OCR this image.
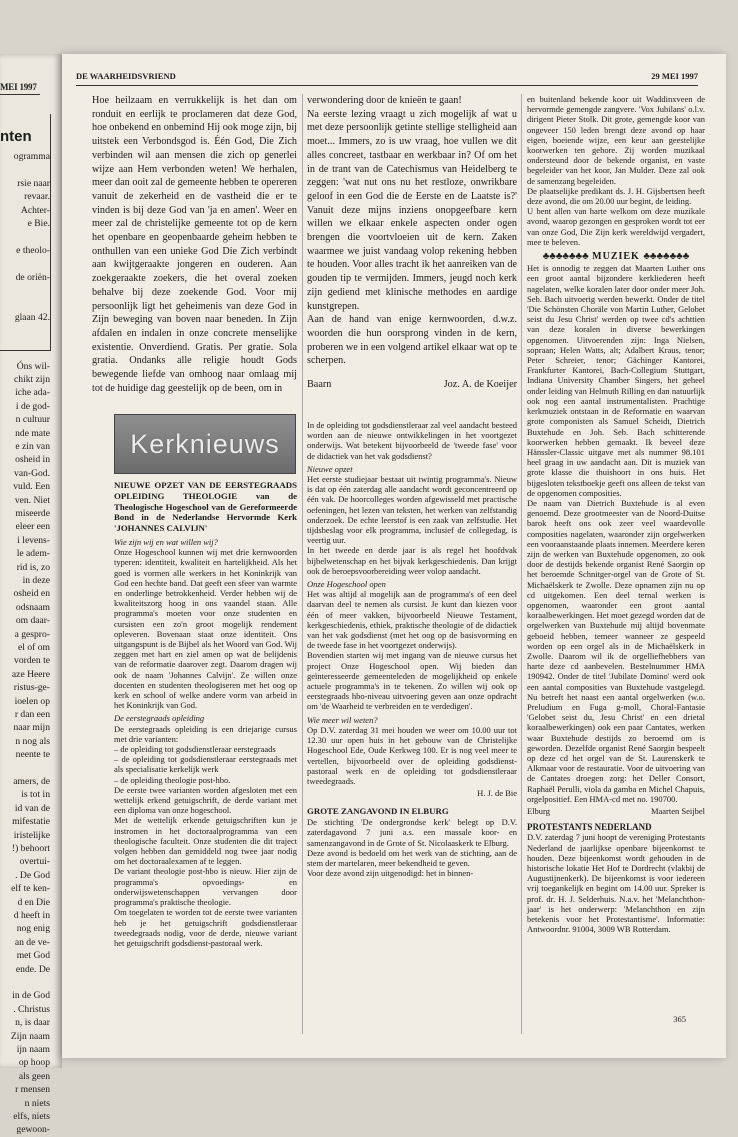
MEI 1997
nten
ogramma
rsie naar
revaar.
Achter-
e Bie.
e theolo-
de oriën-
glaan 42.
Óns wil-
chikt zijn
iche ada-
i de god-
n cultuur
nde mate
e zin van
osheid in
van-God.
vuld. Een
ven. Niet
miseerde
eleer een
i levens-
le adem-
rid is, zo
in deze
osheid en
odsnaam
om daar-
a gespro-
el of om
vorden te
aze Heere
ristus-ge-
ioelen op
r dan een
naar mijn
n nog als
neente te
amers, de
is tot in
id van de
mifestatie
iristelijke
!) behoort
overtui-
. De God
elf te ken-
d en Die
d heeft in
nog enig
an de ve-
met God
ende. De
in de God
. Christus
n, is daar
Zijn naam
ijn naam
op hoop
als geen
r mensen
n niets
elfs, niets
gewoon-
DE WAARHEIDSVRIEND	29 MEI 1997

Hoe heilzaam en verrukkelijk is het dan om ronduit en eerlijk te proclameren dat deze God, hoe onbekend en onbemind Hij ook moge zijn, bij uitstek een Verbondsgod is. Één God, Die Zich verbinden wil aan mensen die zich op generlei wijze aan Hem verbonden weten! We herhalen, meer dan ooit zal de gemeente hebben te opereren vanuit de zekerheid en de vastheid die er te vinden is bij deze God van 'ja en amen'. Weer en meer zal de christelijke gemeente tot op de kern het openbare en geopenbaarde geheim hebben te onthullen van een unieke God Die Zich verbindt aan kwijtgeraakte jongeren en ouderen. Aan zoekgeraakte zoekers, die het overal zoeken behalve bij deze zoekende God. Voor mij persoonlijk ligt het geheimenis van deze God in Zijn beweging van boven naar beneden. In Zijn afdalen en indalen in onze concrete menselijke existentie. Onverdiend. Gratis. Per gratie. Sola gratia. Ondanks alle religie houdt Gods bewegende liefde van omhoog naar omlaag mij tot de huidige dag geestelijk op de been, om in

verwondering door de knieën te gaan!

Na eerste lezing vraagt u zich mogelijk af wat u met deze persoonlijk getinte stellige stelligheid aan moet... Immers, zo is uw vraag, hoe vullen we dit alles concreet, tastbaar en werkbaar in? Of om het in de trant van de Catechismus van Heidelberg te zeggen: 'wat nut ons nu het restloze, onwrikbare geloof in een God die de Eerste en de Laatste is?' Vanuit deze mijns inziens onopgeefbare kern willen we elkaar enkele aspecten onder ogen brengen die voortvloeien uit de kern. Zaken waarmee we juist vandaag volop rekening hebben te houden. Voor alles tracht ik het aanreiken van de gouden tip te vermijden. Immers, jeugd noch kerk zijn gediend met klinische methodes en aardige kunstgrepen.

Aan de hand van enige kernwoorden, d.w.z. woorden die hun oorsprong vinden in de kern, proberen we in een volgend artikel elkaar wat op te scherpen.

Baarn	Joz. A. de Koeijer

Kerknieuws

NIEUWE OPZET VAN DE EERSTEGRAADS OPLEIDING THEOLOGIE van de Theologische Hogeschool van de Gereformeerde Bond in de Nederlandse Hervormde Kerk 'JOHANNES CALVIJN'

Wie zijn wij en wat willen wij?

Onze Hogeschool kunnen wij met drie kernwoorden typeren: identiteit, kwaliteit en hartelijkheid. Als het goed is vormen alle werkers in het Koninkrijk van God een hechte band. Dat geeft een sfeer van warmte en onderlinge betrokkenheid. Verder hebben wij de kwaliteitszorg hoog in ons vaandel staan. Alle programma's moeten voor onze studenten en cursisten een zo'n groot mogelijk rendement opleveren. Bovenaan staat onze identiteit. Ons uitgangspunt is de Bijbel als het Woord van God. Wij zeggen met hart en ziel amen op wat de belijdenis van de reformatie daarover zegt. Daarom dragen wij ook de naam 'Johannes Calvijn'. Ze willen onze docenten en studenten theologiseren met het oog op kerk en school of welke andere vorm van arbeid in het Koninkrijk van God.

De eerstegraads opleiding

De eerstegraads opleiding is een driejarige cursus met drie varianten:

– de opleiding tot godsdienstleraar eerstegraads

– de opleiding tot godsdienstleraar eerstegraads met als specialisatie kerkelijk werk

– de opleiding theologie post-hbo.

De eerste twee varianten worden afgesloten met een wettelijk erkend getuigschrift, de derde variant met een diploma van onze hogeschool.

Met de wettelijk erkende getuigschriften kun je instromen in het doctoraalprogramma van een theologische faculteit. Onze studenten die dit traject volgen hebben dan gemiddeld nog twee jaar nodig om het doctoraalexamen af te leggen.

De variant theologie post-hbo is nieuw. Hier zijn de programma's opvoedings- en onderwijswetenschappen vervangen door programma's praktische theologie.

Om toegelaten te worden tot de eerste twee varianten heb je het getuigschrift godsdienstleraar tweedegraads nodig, voor de derde, nieuwe variant het getuigschrift godsdienst-pastoraal werk.

In de opleiding tot godsdienstleraar zal veel aandacht besteed worden aan de nieuwe ontwikkelingen in het voortgezet onderwijs. Wat betekent bijvoorbeeld de 'tweede fase' voor de didactiek van het vak godsdienst?

Nieuwe opzet

Het eerste studiejaar bestaat uit twintig programma's. Nieuw is dat op één zaterdag alle aandacht wordt geconcentreerd op één vak. De hoorcolleges worden afgewisseld met practische oefeningen, het lezen van teksten, het werken van zelfstandig onderzoek. De echte leerstof is een zaak van zelfstudie. Het tijdsbeslag voor elk programma, inclusief de collegedag, is veertig uur.

In het tweede en derde jaar is als regel het hoofdvak bijbelwetenschap en het bijvak kerkgeschiedenis. Dan krijgt ook de beroepsvoorbereiding weer volop aandacht.

Onze Hogeschool open

Het was altijd al mogelijk aan de programma's of een deel daarvan deel te nemen als cursist. Je kunt dan kiezen voor één of meer vakken, bijvoorbeeld Nieuwe Testament, kerkgeschiedenis, ethiek, praktische theologie of de didactiek van het vak godsdienst (met het oog op de basisvorming en de tweede fase in het voortgezet onderwijs).

Bovendien starten wij met ingang van de nieuwe cursus het project Onze Hogeschool open. Wij bieden dan geïnteresseerde gemeenteleden de mogelijkheid op enkele actuele programma's in te tekenen. Zo willen wij ook op eerstegraads hbo-niveau uitvoering geven aan onze opdracht om 'de Waarheid te verbreiden en te verdedigen'.

Wie meer wil weten?

Op D.V. zaterdag 31 mei houden we weer om 10.00 uur tot 12.30 uur open huis in het gebouw van de Christelijke Hogeschool Ede, Oude Kerkweg 100. Er is nog veel meer te vertellen, bijvoorbeeld over de opleiding godsdienst-pastoraal werk en de opleiding tot godsdienstleraar tweedegraads.

H. J. de Bie

GROTE ZANGAVOND IN ELBURG

De stichting 'De ondergrondse kerk' belegt op D.V. zaterdagavond 7 juni a.s. een massale koor- en samenzangavond in de Grote of St. Nicolaaskerk te Elburg.

Deze avond is bedoeld om het werk van de stichting, aan de stem der martelaren, meer bekendheid te geven.

Voor deze avond zijn uitgenodigd: het in binnen-

en buitenland bekende koor uit Waddinxveen de hervormde gemengde zangvere. 'Vox Jubilans' o.l.v. dirigent Pieter Stolk. Dit grote, gemengde koor van ongeveer 150 leden brengt deze avond op haar eigen, boeiende wijze, een keur aan geestelijke koorwerken ten gehore. Zij worden muzikaal ondersteund door de bekende organist, en vaste begeleider van het koor, Jan Mulder. Deze zal ook de samenzang begeleiden.

De plaatselijke predikant ds. J. H. Gijsbertsen heeft deze avond, die om 20.00 uur begint, de leiding.

U bent allen van harte welkom om deze muzikale avond, waarop gezongen en gesproken wordt tot eer van onze God, Die Zijn kerk wereldwijd vergadert, mee te beleven.

♣♣♣♣♣♣♣ MUZIEK ♣♣♣♣♣♣♣

Het is onnodig te zeggen dat Maarten Luther ons een groot aantal bijzondere kerkliederen heeft nagelaten, welke koralen later door onder meer Joh. Seb. Bach uitvoerig werden bewerkt. Onder de titel 'Die Schönsten Choräle von Martin Luther, Gelobet seist du Jesu Christ' werden op twee cd's achttien van deze koralen in diverse bewerkingen opgenomen. Uitvoerenden zijn: Inga Nielsen, sopraan; Helen Watts, alt; Adalbert Kraus, tenor; Peter Schreier, tenor; Gächinger Kantorei, Frankfurter Kantorei, Bach-Collegium Stuttgart, Indiana University Chamber Singers, het geheel onder leiding van Helmuth Rilling en dan natuurlijk ook nog een aantal instrumentalisten. Prachtige kerkmuziek ontstaan in de Reformatie en waarvan grote componisten als Samuel Scheidt, Dietrich Buxtehude en Joh. Seb. Bach schitterende koorwerken hebben gemaakt. Ik beveel deze Hänssler-Classic uitgave met als nummer 98.101 heel graag in uw aandacht aan. Dit is muziek van grote klasse die thuishoort in ons huis. Het bijgesloten tekstboekje geeft ons alleen de tekst van de opgenomen composities.

De naam van Dietrich Buxtehude is al even genoemd. Deze grootmeester van de Noord-Duitse barok heeft ons ook zeer veel waardevolle composities nagelaten, waaronder zijn orgelwerken een vooraanstaande plaats innemen. Meerdere keren zijn de werken van Buxtehude opgenomen, zo ook door de destijds bekende organist René Saorgin op het beroemde Schnitger-orgel van de Grote of St. Michaëlskerk te Zwolle. Deze opnamen zijn nu op cd uitgekomen. Een deel ternal werken is opgenomen, waaronder een groot aantal koraalbewerkingen. Het moet gezegd worden dat de orgelwerken van Buxtehude mij altijd bovenmate geboeid hebben, temeer wanneer ze gespeeld worden op een orgel als in de Michaëlskerk in Zwolle. Daarom wil ik de orgelliefhebbers van harte deze cd aanbevelen. Bestelnummer HMA 190942. Onder de titel 'Jubilate Domino' werd ook een aantal composities van Buxtehude vastgelegd. Nu betreft het naast een aantal orgelwerken (w.o. Preludium en Fuga g-moll, Choral-Fantasie 'Gelobet seist du, Jesu Christ' en een drietal koraalbewerkingen) ook een paar Cantates, werken waar Buxtehude destijds zo beroemd om is geworden. Dezelfde organist René Saorgin bespeelt op deze cd het orgel van de St. Laurenskerk te Alkmaar voor de restauratie. Voor de uitvoering van de Cantates droegen zorg: het Deller Consort, Raphaël Perulli, viola da gamba en Michel Chapuis, orgelpositief. Een HMA-cd met no. 190700.

Elburg	Maarten Seijbel

PROTESTANTS NEDERLAND

D.V. zaterdag 7 juni hoopt de vereniging Protestants Nederland de jaarlijkse openbare bijeenkomst te houden. Deze bijeenkomst wordt gehouden in de historische lokatie Het Hof te Dordrecht (vlakbij de Augustijnenkerk). De bijeenkomst is voor iedereen vrij toegankelijk en begint om 14.00 uur. Spreker is prof. dr. H. J. Selderhuis. N.a.v. het 'Melanchthon-jaar' is het onderwerp: 'Melanchthon en zijn betekenis voor het Protestantisme'. Informatie: Antwoordnr. 91004, 3009 WB Rotterdam.

365
